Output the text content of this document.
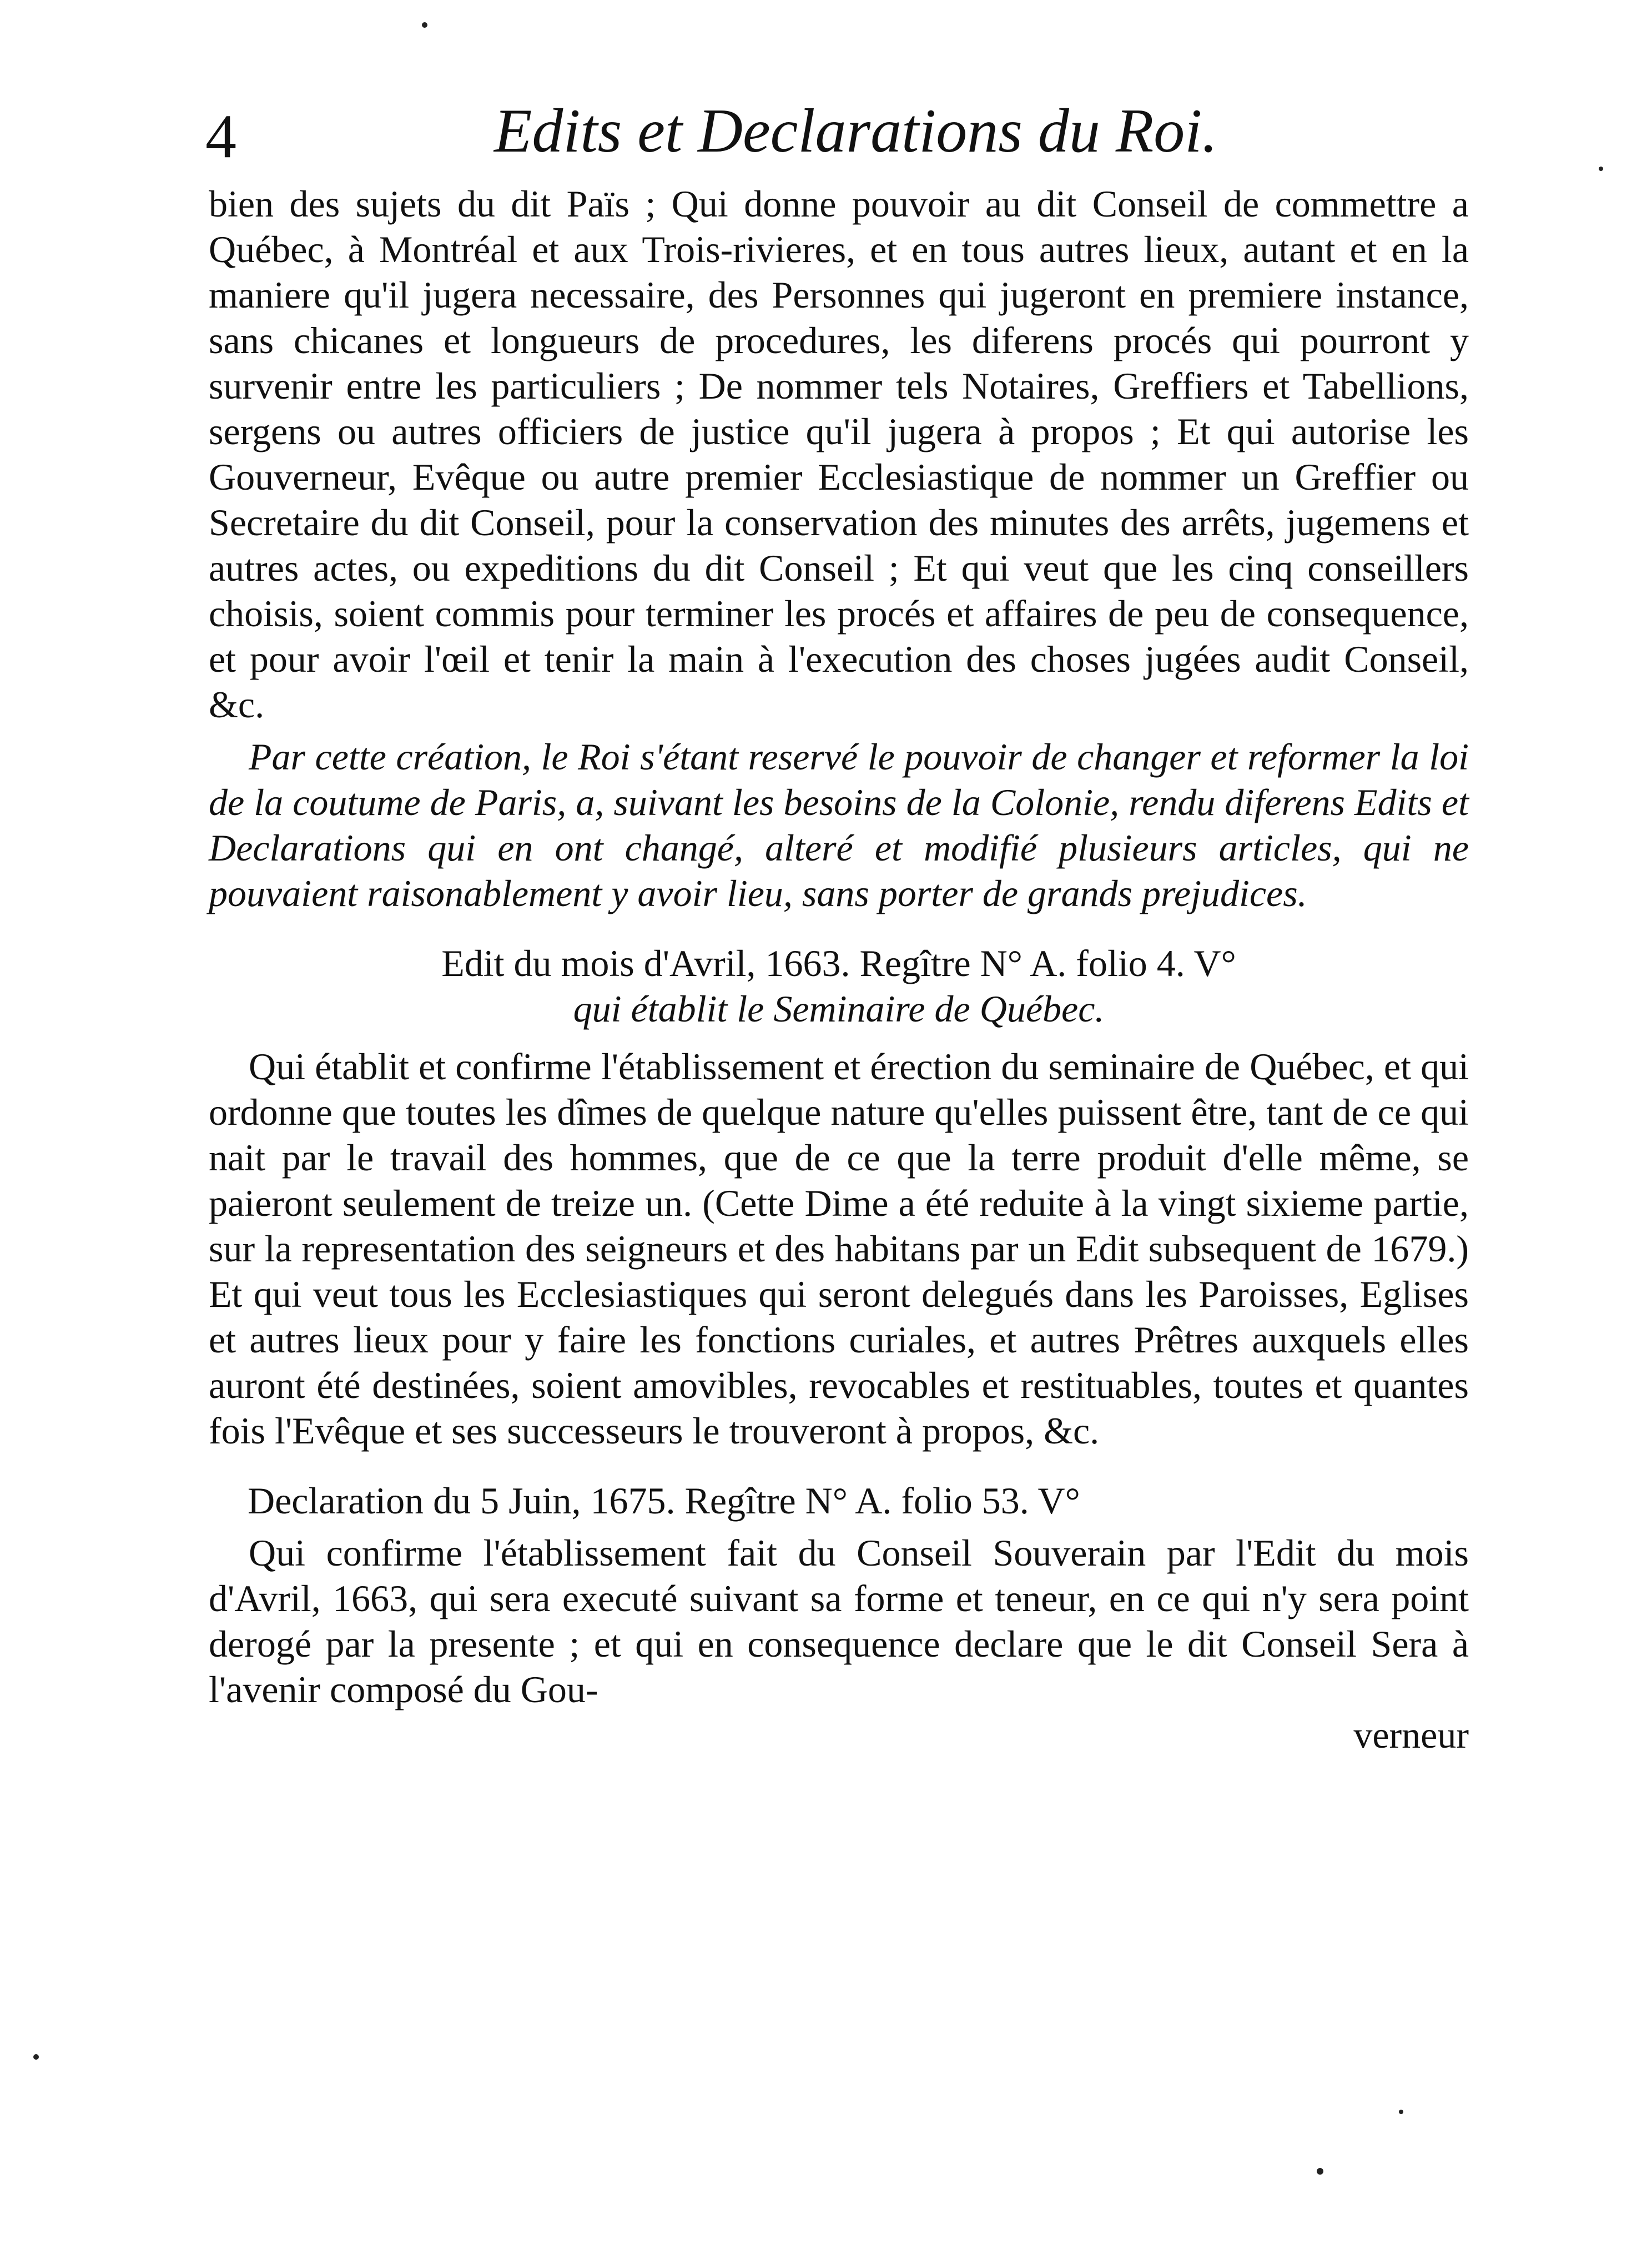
4	Edits et Declarations du Roi.

bien des sujets du dit Païs ; Qui donne pouvoir au dit Conseil de commettre a Québec, à Montréal et aux Trois-rivieres, et en tous autres lieux, autant et en la maniere qu'il jugera necessaire, des Personnes qui jugeront en premiere instance, sans chicanes et longueurs de procedures, les diferens procés qui pourront y survenir entre les particuliers ; De nommer tels Notaires, Greffiers et Tabellions, sergens ou autres officiers de justice qu'il jugera à propos ; Et qui autorise les Gouverneur, Evêque ou autre premier Ecclesiastique de nommer un Greffier ou Secretaire du dit Conseil, pour la conservation des minutes des arrêts, jugemens et autres actes, ou expeditions du dit Conseil ; Et qui veut que les cinq conseillers choisis, soient commis pour terminer les procés et affaires de peu de consequence, et pour avoir l'œil et tenir la main à l'execution des choses jugées audit Conseil, &c.

Par cette création, le Roi s'étant reservé le pouvoir de changer et reformer la loi de la coutume de Paris, a, suivant les besoins de la Colonie, rendu diferens Edits et Declarations qui en ont changé, alteré et modifié plusieurs articles, qui ne pouvaient raisonablement y avoir lieu, sans porter de grands prejudices.

Edit du mois d'Avril, 1663. Regître N° A. folio 4. V°

qui établit le Seminaire de Québec.

Qui établit et confirme l'établissement et érection du seminaire de Québec, et qui ordonne que toutes les dîmes de quelque nature qu'elles puissent être, tant de ce qui nait par le travail des hommes, que de ce que la terre produit d'elle même, se paieront seulement de treize un. (Cette Dime a été reduite à la vingt sixieme partie, sur la representation des seigneurs et des habitans par un Edit subsequent de 1679.) Et qui veut tous les Ecclesiastiques qui seront delegués dans les Paroisses, Eglises et autres lieux pour y faire les fonctions curiales, et autres Prêtres auxquels elles auront été destinées, soient amovibles, revocables et restituables, toutes et quantes fois l'Evêque et ses successeurs le trouveront à propos, &c.

Declaration du 5 Juin, 1675. Regître N° A. folio 53. V°

Qui confirme l'établissement fait du Conseil Souverain par l'Edit du mois d'Avril, 1663, qui sera executé suivant sa forme et teneur, en ce qui n'y sera point derogé par la presente ; et qui en consequence declare que le dit Conseil Sera à l'avenir composé du Gou-

verneur
